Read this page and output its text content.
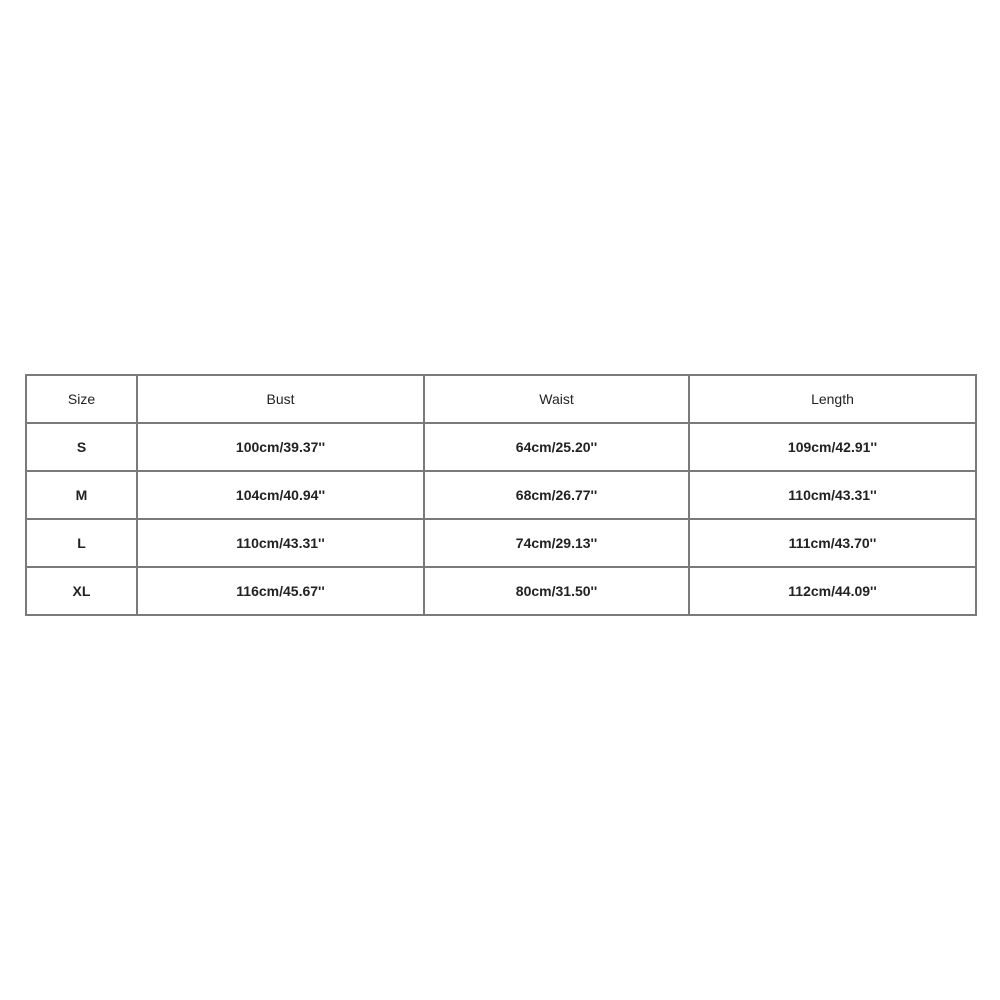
Size	Bust	Waist	Length
S	100cm/39.37''	64cm/25.20''	109cm/42.91''
M	104cm/40.94''	68cm/26.77''	110cm/43.31''
L	110cm/43.31''	74cm/29.13''	111cm/43.70''
XL	116cm/45.67''	80cm/31.50''	112cm/44.09''
